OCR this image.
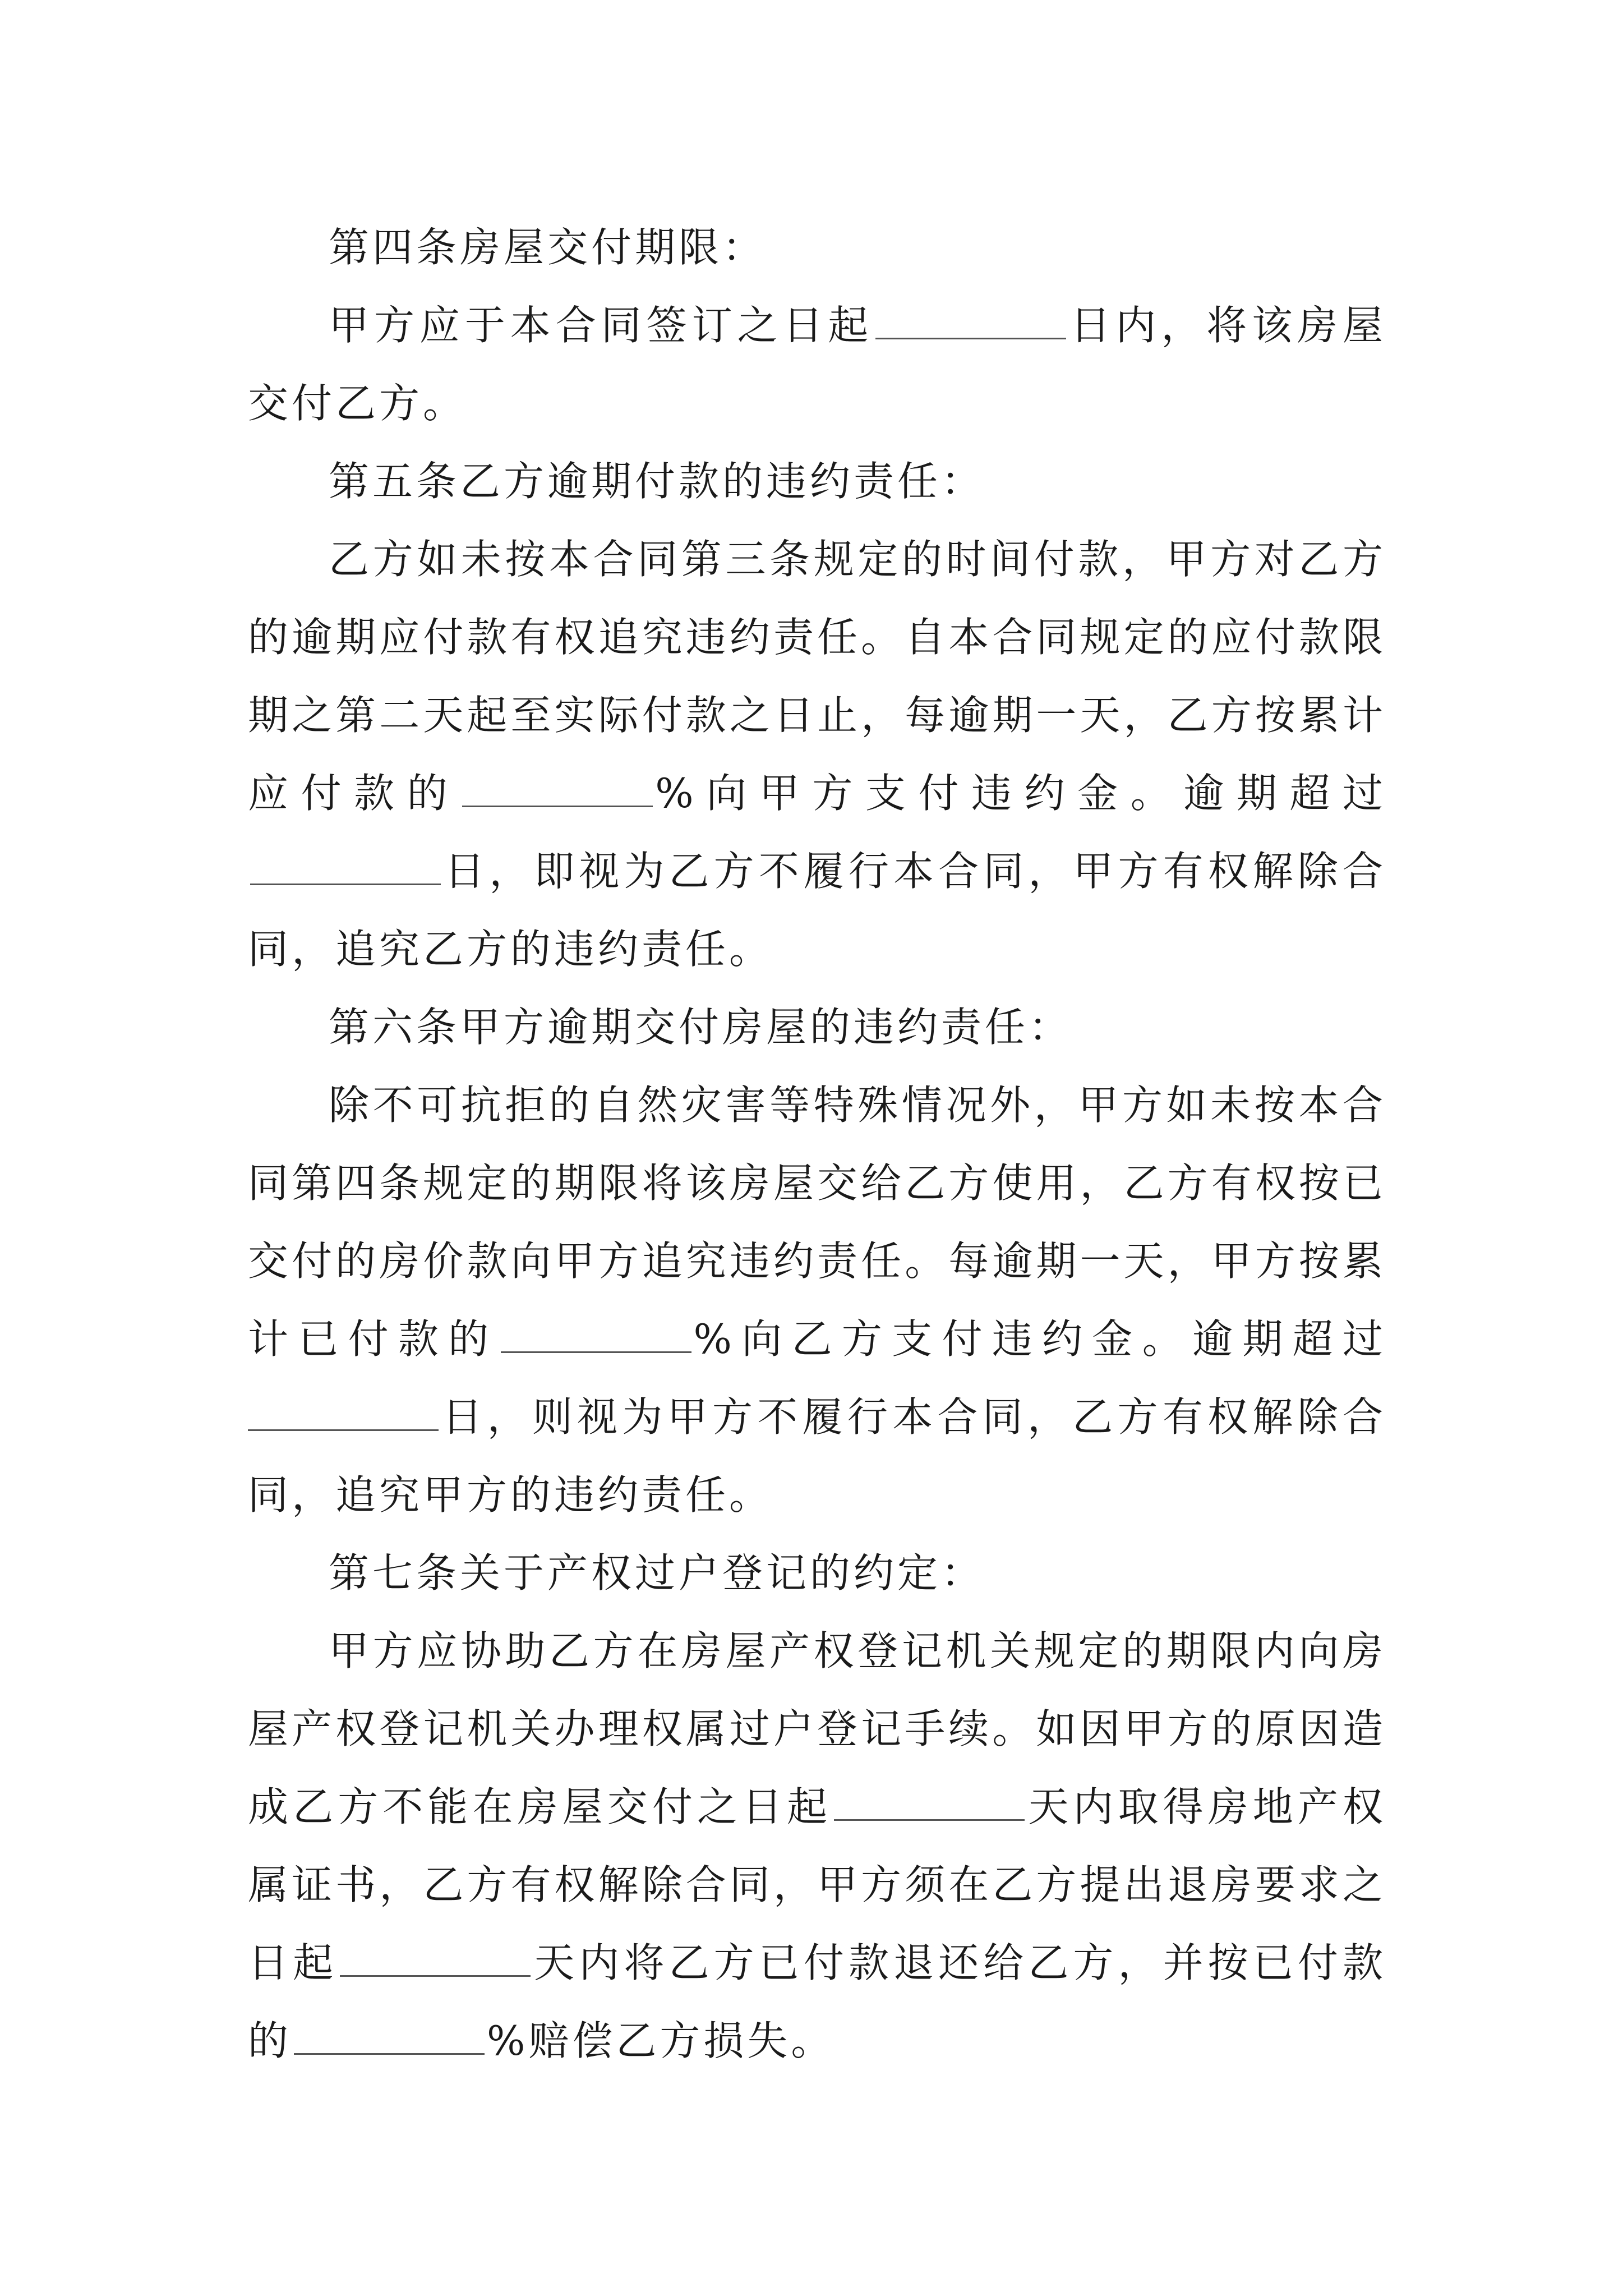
第四条房屋交付期限：

甲方应于本合同签订之日起	日内，将该房屋交付乙方。

第五条乙方逾期付款的违约责任：

乙方如未按本合同第三条规定的时间付款，甲方对乙方的逾期应付款有权追究违约责任。自本合同规定的应付款限期之第二天起至实际付款之日止，每逾期一天，乙方按累计应付款的	%向甲方支付违约金。逾期超过日，即视为乙方不履行本合同，甲方有权解除合同，追究乙方的违约责任。

第六条甲方逾期交付房屋的违约责任：

除不可抗拒的自然灾害等特殊情况外，甲方如未按本合同第四条规定的期限将该房屋交给乙方使用，乙方有权按已交付的房价款向甲方追究违约责任。每逾期一天，甲方按累计已付款的	%向乙方支付违约金。逾期超过日，则视为甲方不履行本合同，乙方有权解除合同，追究甲方的违约责任。

第七条关于产权过户登记的约定：

甲方应协助乙方在房屋产权登记机关规定的期限内向房屋产权登记机关办理权属过户登记手续。如因甲方的原因造成乙方不能在房屋交付之日起	天内取得房地产权属证书，乙方有权解除合同，甲方须在乙方提出退房要求之日起	天内将乙方已付款退还给乙方，并按已付款的	%赔偿乙方损失。
